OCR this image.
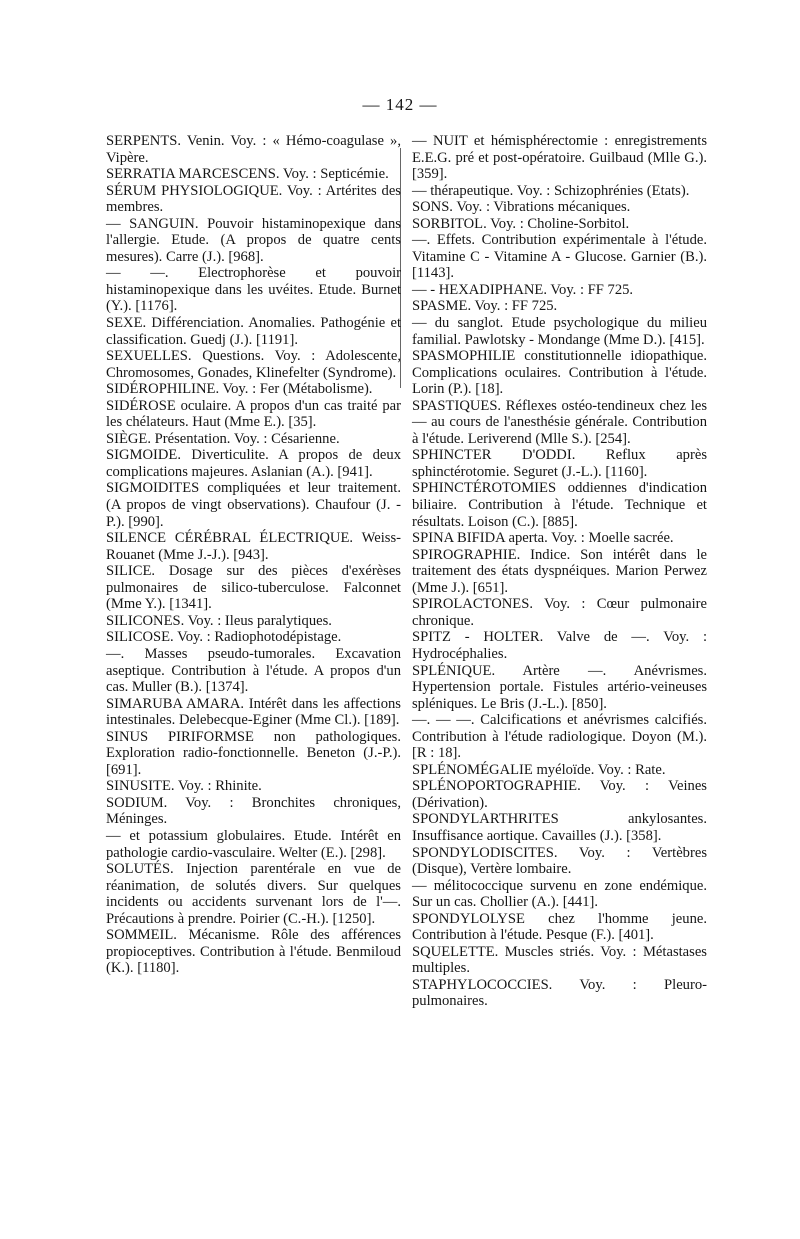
— 142 —
SERPENTS. Venin. Voy. : « Hémo-coagulase », Vipère.
SERRATIA MARCESCENS. Voy. : Septicémie.
SÉRUM PHYSIOLOGIQUE. Voy. : Artérites des membres.
— SANGUIN. Pouvoir histaminopexique dans l'allergie. Etude. (A propos de quatre cents mesures). Carre (J.). [968].
— —. Electrophorèse et pouvoir histaminopexique dans les uvéites. Etude. Burnet (Y.). [1176].
SEXE. Différenciation. Anomalies. Pathogénie et classification. Guedj (J.). [1191].
SEXUELLES. Questions. Voy. : Adolescente, Chromosomes, Gonades, Klinefelter (Syndrome).
SIDÉROPHILINE. Voy. : Fer (Métabolisme).
SIDÉROSE oculaire. A propos d'un cas traité par les chélateurs. Haut (Mme E.). [35].
SIÈGE. Présentation. Voy. : Césarienne.
SIGMOIDE. Diverticulite. A propos de deux complications majeures. Aslanian (A.). [941].
SIGMOIDITES compliquées et leur traitement. (A propos de vingt observations). Chaufour (J. - P.). [990].
SILENCE CÉRÉBRAL ÉLECTRIQUE. Weiss-Rouanet (Mme J.-J.). [943].
SILICE. Dosage sur des pièces d'exérèses pulmonaires de silico-tuberculose. Falconnet (Mme Y.). [1341].
SILICONES. Voy. : Ileus paralytiques.
SILICOSE. Voy. : Radiophotodépistage.
—. Masses pseudo-tumorales. Excavation aseptique. Contribution à l'étude. A propos d'un cas. Muller (B.). [1374].
SIMARUBA AMARA. Intérêt dans les affections intestinales. Delebecque-Eginer (Mme Cl.). [189].
SINUS PIRIFORMSE non pathologiques. Exploration radio-fonctionnelle. Beneton (J.-P.). [691].
SINUSITE. Voy. : Rhinite.
SODIUM. Voy. : Bronchites chroniques, Méninges.
— et potassium globulaires. Etude. Intérêt en pathologie cardio-vasculaire. Welter (E.). [298].
SOLUTÉS. Injection parentérale en vue de réanimation, de solutés divers. Sur quelques incidents ou accidents survenant lors de l'—. Précautions à prendre. Poirier (C.-H.). [1250].
SOMMEIL. Mécanisme. Rôle des afférences propioceptives. Contribution à l'étude. Benmiloud (K.). [1180].
— NUIT et hémisphérectomie : enregistrements E.E.G. pré et post-opératoire. Guilbaud (Mlle G.). [359].
— thérapeutique. Voy. : Schizophrénies (Etats).
SONS. Voy. : Vibrations mécaniques.
SORBITOL. Voy. : Choline-Sorbitol.
—. Effets. Contribution expérimentale à l'étude. Vitamine C - Vitamine A - Glucose. Garnier (B.). [1143].
— - HEXADIPHANE. Voy. : FF 725.
SPASME. Voy. : FF 725.
— du sanglot. Etude psychologique du milieu familial. Pawlotsky - Mondange (Mme D.). [415].
SPASMOPHILIE constitutionnelle idiopathique. Complications oculaires. Contribution à l'étude. Lorin (P.). [18].
SPASTIQUES. Réflexes ostéo-tendineux chez les — au cours de l'anesthésie générale. Contribution à l'étude. Leriverend (Mlle S.). [254].
SPHINCTER D'ODDI. Reflux après sphinctérotomie. Seguret (J.-L.). [1160].
SPHINCTÉROTOMIES oddiennes d'indication biliaire. Contribution à l'étude. Technique et résultats. Loison (C.). [885].
SPINA BIFIDA aperta. Voy. : Moelle sacrée.
SPIROGRAPHIE. Indice. Son intérêt dans le traitement des états dyspnéiques. Marion Perwez (Mme J.). [651].
SPIROLACTONES. Voy. : Cœur pulmonaire chronique.
SPITZ - HOLTER. Valve de —. Voy. : Hydrocéphalies.
SPLÉNIQUE. Artère —. Anévrismes. Hypertension portale. Fistules artério-veineuses spléniques. Le Bris (J.-L.). [850].
—. — —. Calcifications et anévrismes calcifiés. Contribution à l'étude radiologique. Doyon (M.). [R : 18].
SPLÉNOMÉGALIE myéloïde. Voy. : Rate.
SPLÉNOPORTOGRAPHIE. Voy. : Veines (Dérivation).
SPONDYLARTHRITES ankylosantes. Insuffisance aortique. Cavailles (J.). [358].
SPONDYLODISCITES. Voy. : Vertèbres (Disque), Vertère lombaire.
— mélitococcique survenu en zone endémique. Sur un cas. Chollier (A.). [441].
SPONDYLOLYSE chez l'homme jeune. Contribution à l'étude. Pesque (F.). [401].
SQUELETTE. Muscles striés. Voy. : Métastases multiples.
STAPHYLOCOCCIES. Voy. : Pleuro-pulmonaires.
